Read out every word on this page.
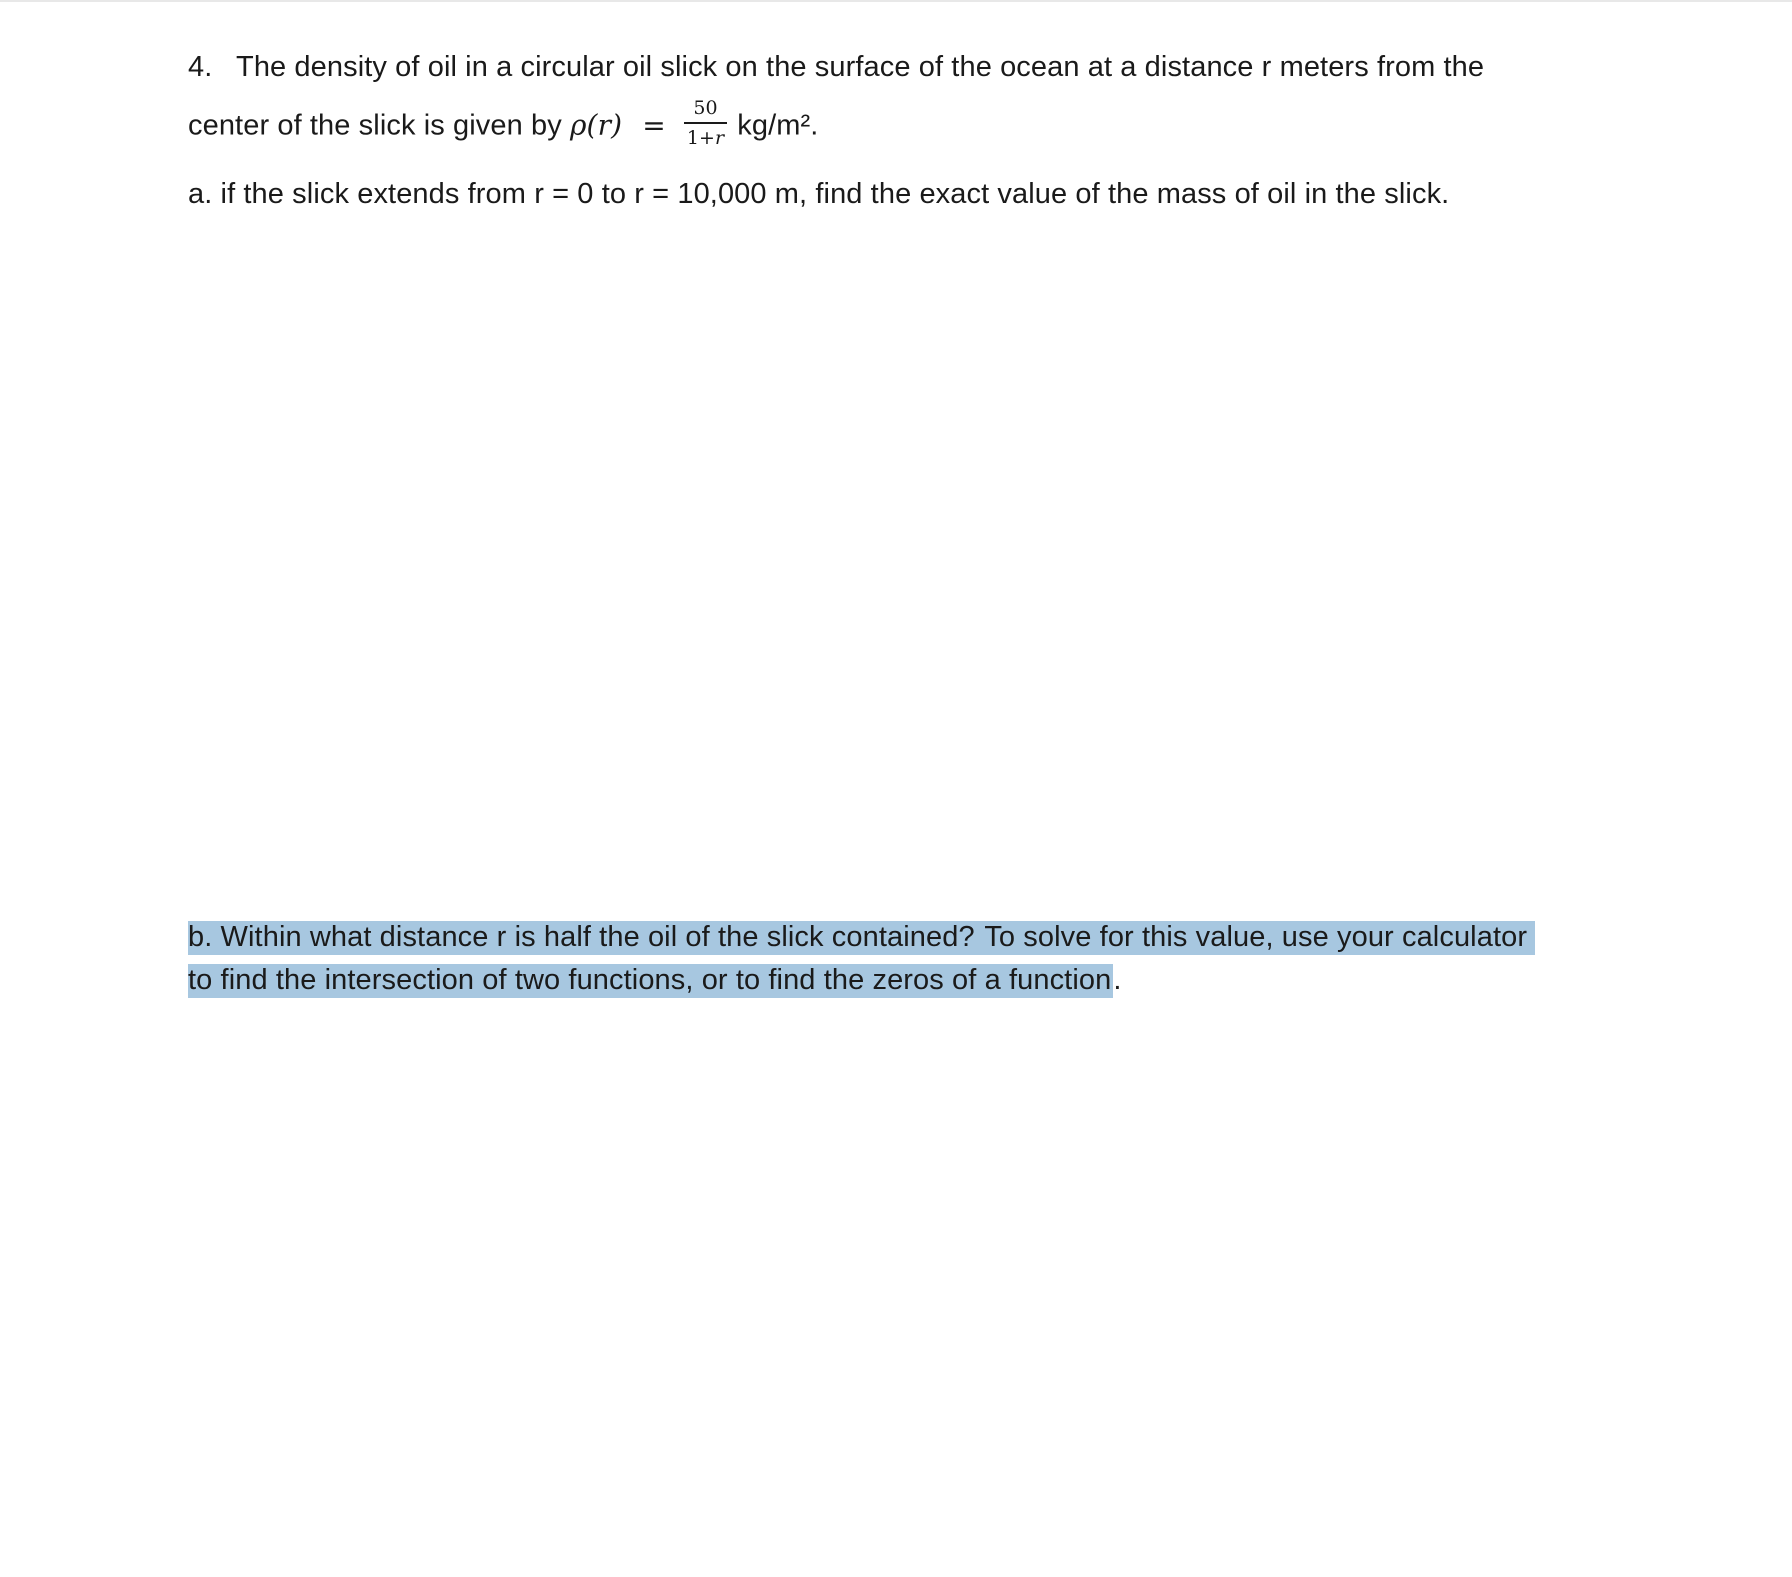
4. The density of oil in a circular oil slick on the surface of the ocean at a distance r meters from the
center of the slick is given by $\rho(r) = \frac{50}{1+r} kg/m^2$.
a. if the slick extends from r = 0 to r = 10,000 m, find the exact value of the mass of oil in the slick.
b. Within what distance r is half the oil of the slick contained? To solve for this value, use your calculator
to find the intersection of two functions, or to find the zeros of a function.
